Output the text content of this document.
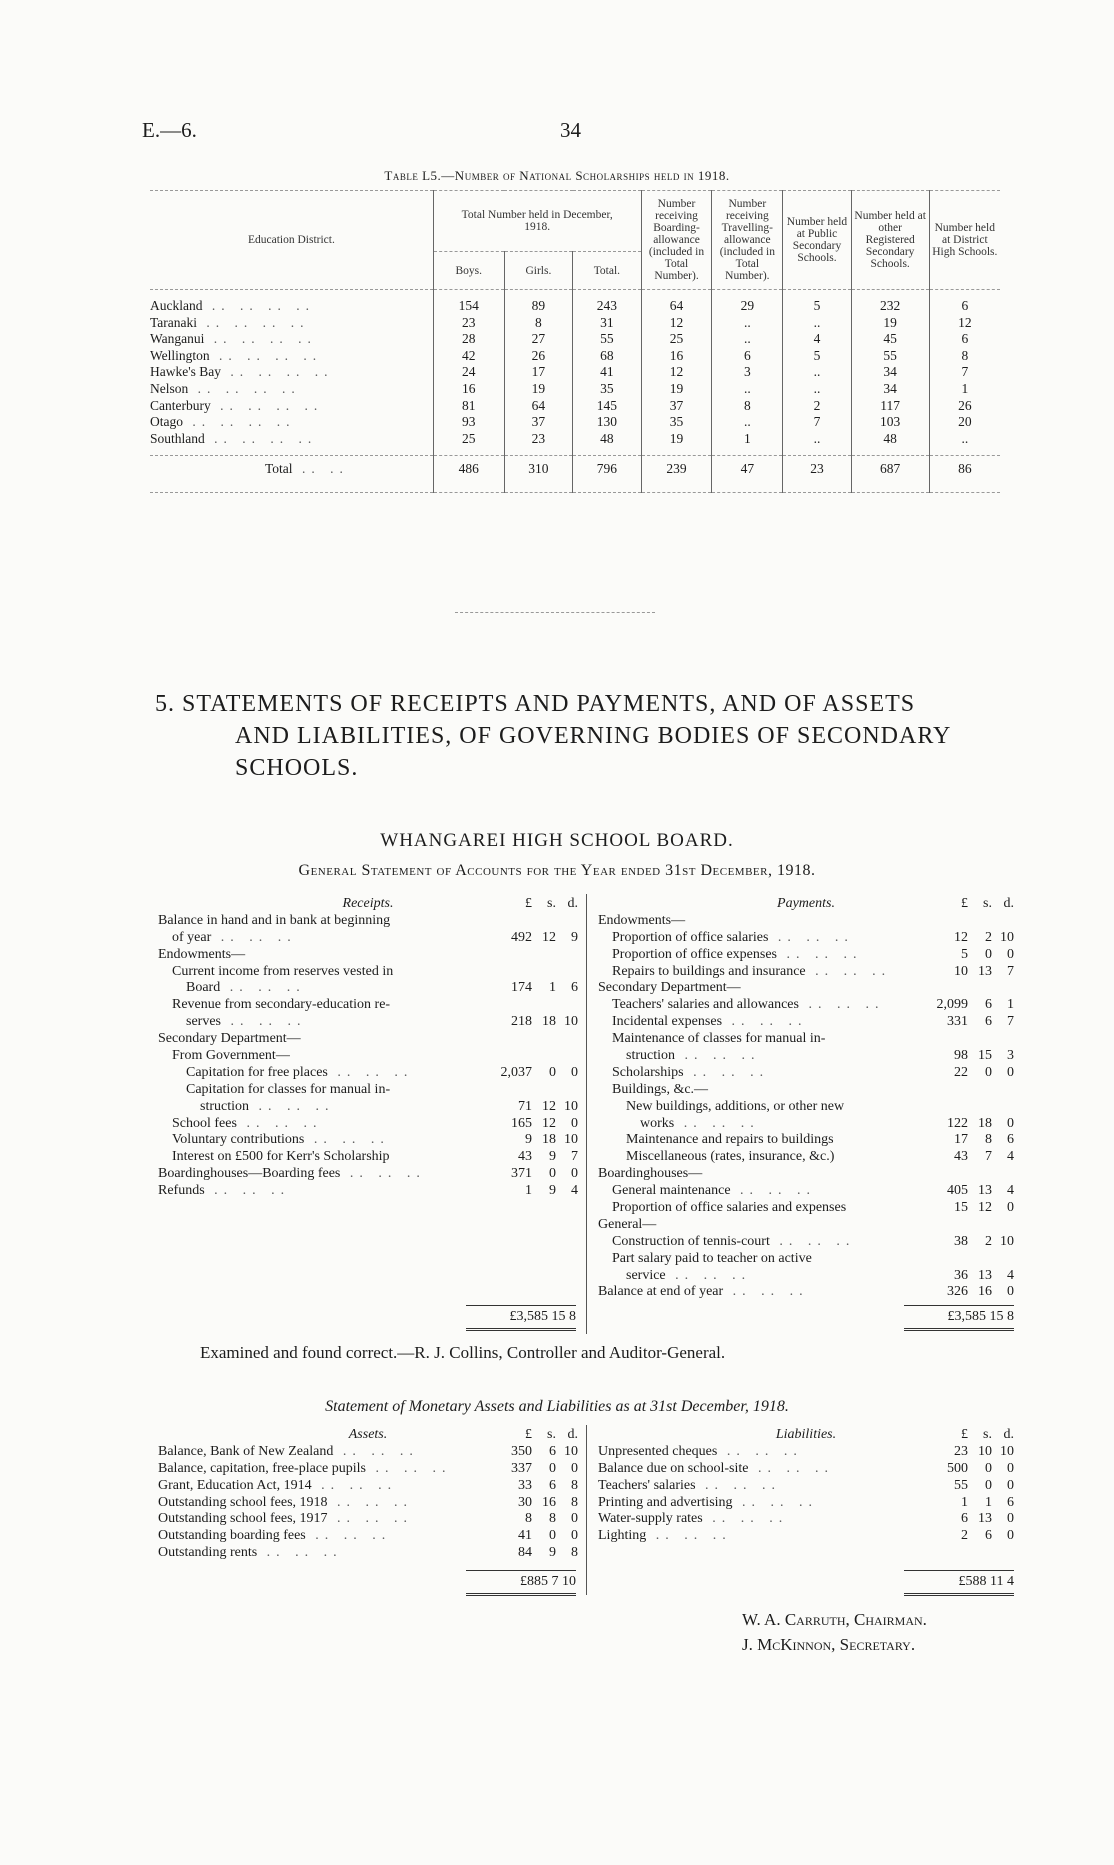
E.—6.	34
Table L5.—Number of National Scholarships held in 1918.
Education District.	Total Number held in December, 1918.			Number receiving Boarding-allowance (included in Total Number).	Number receiving Travelling-allowance (included in Total Number).	Number held at Public Secondary Schools.	Number held at other Registered Secondary Schools.	Number held at District High Schools.
	Boys.	Girls.	Total.					
Auckland .. .. .. ..	154	89	243	64	29	5	232	6
Taranaki .. .. .. ..	23	8	31	12	..	..	19	12
Wanganui .. .. .. ..	28	27	55	25	..	4	45	6
Wellington .. .. .. ..	42	26	68	16	6	5	55	8
Hawke's Bay .. .. .. ..	24	17	41	12	3	..	34	7
Nelson .. .. .. ..	16	19	35	19	..	..	34	1
Canterbury .. .. .. ..	81	64	145	37	8	2	117	26
Otago .. .. .. ..	93	37	130	35	..	7	103	20
Southland .. .. .. ..	25	23	48	19	1	..	48	..

Total .. ..	486	310	796	239	47	23	687	86

5. STATEMENTS OF RECEIPTS AND PAYMENTS, AND OF ASSETS
AND LIABILITIES, OF GOVERNING BODIES OF SECONDARY
SCHOOLS.
WHANGAREI HIGH SCHOOL BOARD.
General Statement of Accounts for the Year ended 31st December, 1918.
Receipts.	£ s. d.
Balance in hand and in bank at beginning
of year .. .. ..	492 12 9
Endowments—
Current income from reserves vested in
Board .. .. ..	174 1 6
Revenue from secondary-education re-
serves .. .. ..	218 18 10
Secondary Department—
From Government—
Capitation for free places .. .. ..	2,037 0 0
Capitation for classes for manual in-
struction .. .. ..	71 12 10
School fees .. .. ..	165 12 0
Voluntary contributions .. .. ..	9 18 10
Interest on £500 for Kerr's Scholarship	43 9 7
Boardinghouses—Boarding fees .. .. ..	371 0 0
Refunds .. .. ..	1 9 4
Payments.	£ s. d.
Endowments—
Proportion of office salaries .. .. ..	12 2 10
Proportion of office expenses .. .. ..	5 0 0
Repairs to buildings and insurance .. .. ..	10 13 7
Secondary Department—
Teachers' salaries and allowances .. .. ..	2,099 6 1
Incidental expenses .. .. ..	331 6 7
Maintenance of classes for manual in-
struction .. .. ..	98 15 3
Scholarships .. .. ..	22 0 0
Buildings, &c.—
New buildings, additions, or other new
works .. .. ..	122 18 0
Maintenance and repairs to buildings	17 8 6
Miscellaneous (rates, insurance, &c.)	43 7 4
Boardinghouses—
General maintenance .. .. ..	405 13 4
Proportion of office salaries and expenses	15 12 0
General—
Construction of tennis-court .. .. ..	38 2 10
Part salary paid to teacher on active
service .. .. ..	36 13 4
Balance at end of year .. .. ..	326 16 0
£3,585 15 8	£3,585 15 8
Examined and found correct.—R. J. Collins, Controller and Auditor-General.
Statement of Monetary Assets and Liabilities as at 31st December, 1918.
Assets.	£ s. d.
Balance, Bank of New Zealand .. .. ..	350 6 10
Balance, capitation, free-place pupils .. .. ..	337 0 0
Grant, Education Act, 1914 .. .. ..	33 6 8
Outstanding school fees, 1918 .. .. ..	30 16 8
Outstanding school fees, 1917 .. .. ..	8 8 0
Outstanding boarding fees .. .. ..	41 0 0
Outstanding rents .. .. ..	84 9 8
Liabilities.	£ s. d.
Unpresented cheques .. .. ..	23 10 10
Balance due on school-site .. .. ..	500 0 0
Teachers' salaries .. .. ..	55 0 0
Printing and advertising .. .. ..	1 1 6
Water-supply rates .. .. ..	6 13 0
Lighting .. .. ..	2 6 0
£885 7 10	£588 11 4
W. A. Carruth, Chairman.
J. McKinnon, Secretary.
